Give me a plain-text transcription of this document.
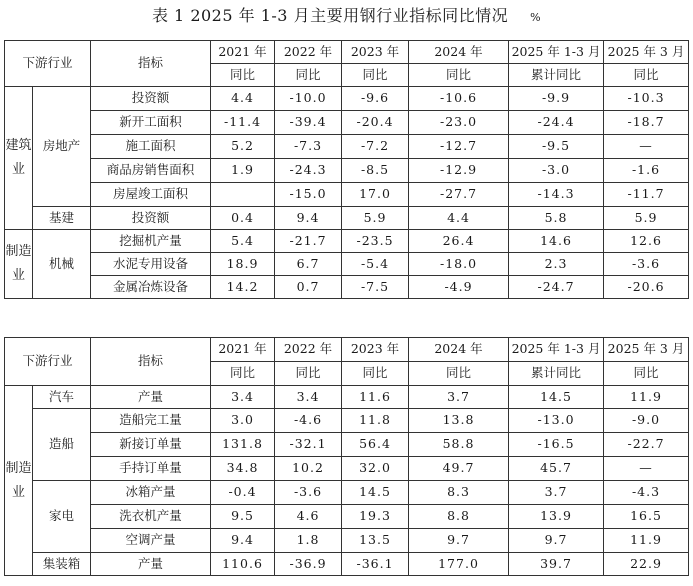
表 1 2025 年 1-3 月主要用钢行业指标同比情况 %
下游行业		指标	2021 年	2022 年	2023 年	2024 年	2025 年 1-3 月	2025 年 3 月
			同比	同比	同比	同比	累计同比	同比
建筑业	房地产	投资额	4.4	-10.0	-9.6	-10.6	-9.9	-10.3
		新开工面积	-11.4	-39.4	-20.4	-23.0	-24.4	-18.7
		施工面积	5.2	-7.3	-7.2	-12.7	-9.5	—
		商品房销售面积	1.9	-24.3	-8.5	-12.9	-3.0	-1.6
		房屋竣工面积		-15.0	17.0	-27.7	-14.3	-11.7
	基建	投资额	0.4	9.4	5.9	4.4	5.8	5.9
制造业	机械	挖掘机产量	5.4	-21.7	-23.5	26.4	14.6	12.6
		水泥专用设备	18.9	6.7	-5.4	-18.0	2.3	-3.6
		金属冶炼设备	14.2	0.7	-7.5	-4.9	-24.7	-20.6
下游行业		指标	2021 年	2022 年	2023 年	2024 年	2025 年 1-3 月	2025 年 3 月
			同比	同比	同比	同比	累计同比	同比
制造业	汽车	产量	3.4	3.4	11.6	3.7	14.5	11.9
	造船	造船完工量	3.0	-4.6	11.8	13.8	-13.0	-9.0
		新接订单量	131.8	-32.1	56.4	58.8	-16.5	-22.7
		手持订单量	34.8	10.2	32.0	49.7	45.7	—
	家电	冰箱产量	-0.4	-3.6	14.5	8.3	3.7	-4.3
		洗衣机产量	9.5	4.6	19.3	8.8	13.9	16.5
		空调产量	9.4	1.8	13.5	9.7	9.7	11.9
	集装箱	产量	110.6	-36.9	-36.1	177.0	39.7	22.9
